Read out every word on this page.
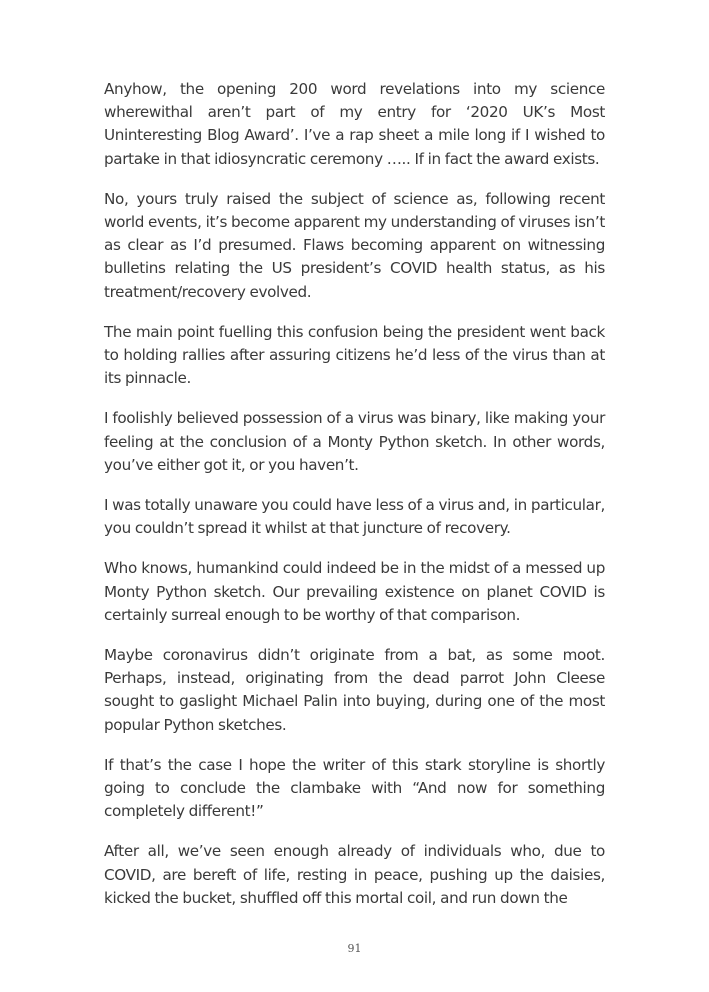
Anyhow, the opening 200 word revelations into my science wherewithal aren’t part of my entry for ‘2020 UK’s Most Uninteresting Blog Award’. I’ve a rap sheet a mile long if I wished to partake in that idiosyncratic ceremony ….. If in fact the award exists.

No, yours truly raised the subject of science as, following recent world events, it’s become apparent my understanding of viruses isn’t as clear as I’d presumed. Flaws becoming apparent on witnessing bulletins relating the US president’s COVID health status, as his treatment/recovery evolved.

The main point fuelling this confusion being the president went back to holding rallies after assuring citizens he’d less of the virus than at its pinnacle.

I foolishly believed possession of a virus was binary, like making your feeling at the conclusion of a Monty Python sketch. In other words, you’ve either got it, or you haven’t.

I was totally unaware you could have less of a virus and, in particular, you couldn’t spread it whilst at that juncture of recovery.

Who knows, humankind could indeed be in the midst of a messed up Monty Python sketch. Our prevailing existence on planet COVID is certainly surreal enough to be worthy of that comparison.

Maybe coronavirus didn’t originate from a bat, as some moot. Perhaps, instead, originating from the dead parrot John Cleese sought to gaslight Michael Palin into buying, during one of the most popular Python sketches.

If that’s the case I hope the writer of this stark storyline is shortly going to conclude the clambake with “And now for something completely different!”

After all, we’ve seen enough already of individuals who, due to COVID, are bereft of life, resting in peace, pushing up the daisies, kicked the bucket, shuffled off this mortal coil, and run down the

91
